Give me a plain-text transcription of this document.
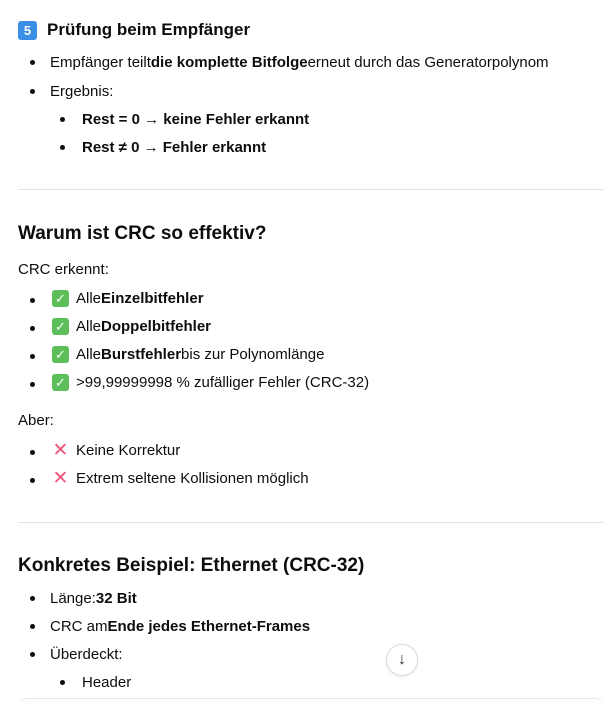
5 Prüfung beim Empfänger
Empfänger teilt die komplette Bitfolge erneut durch das Generatorpolynom
Ergebnis:
Rest = 0 → keine Fehler erkannt
Rest ≠ 0 → Fehler erkannt
Warum ist CRC so effektiv?
CRC erkennt:
✓ Alle Einzelbitfehler
✓ Alle Doppelbitfehler
✓ Alle Burstfehler bis zur Polynomlänge
✓ >99,99999998 % zufälliger Fehler (CRC-32)
Aber:
✕ Keine Korrektur
✕ Extrem seltene Kollisionen möglich
Konkretes Beispiel: Ethernet (CRC-32)
Länge: 32 Bit
CRC am Ende jedes Ethernet-Frames
Überdeckt:
Header
↓
